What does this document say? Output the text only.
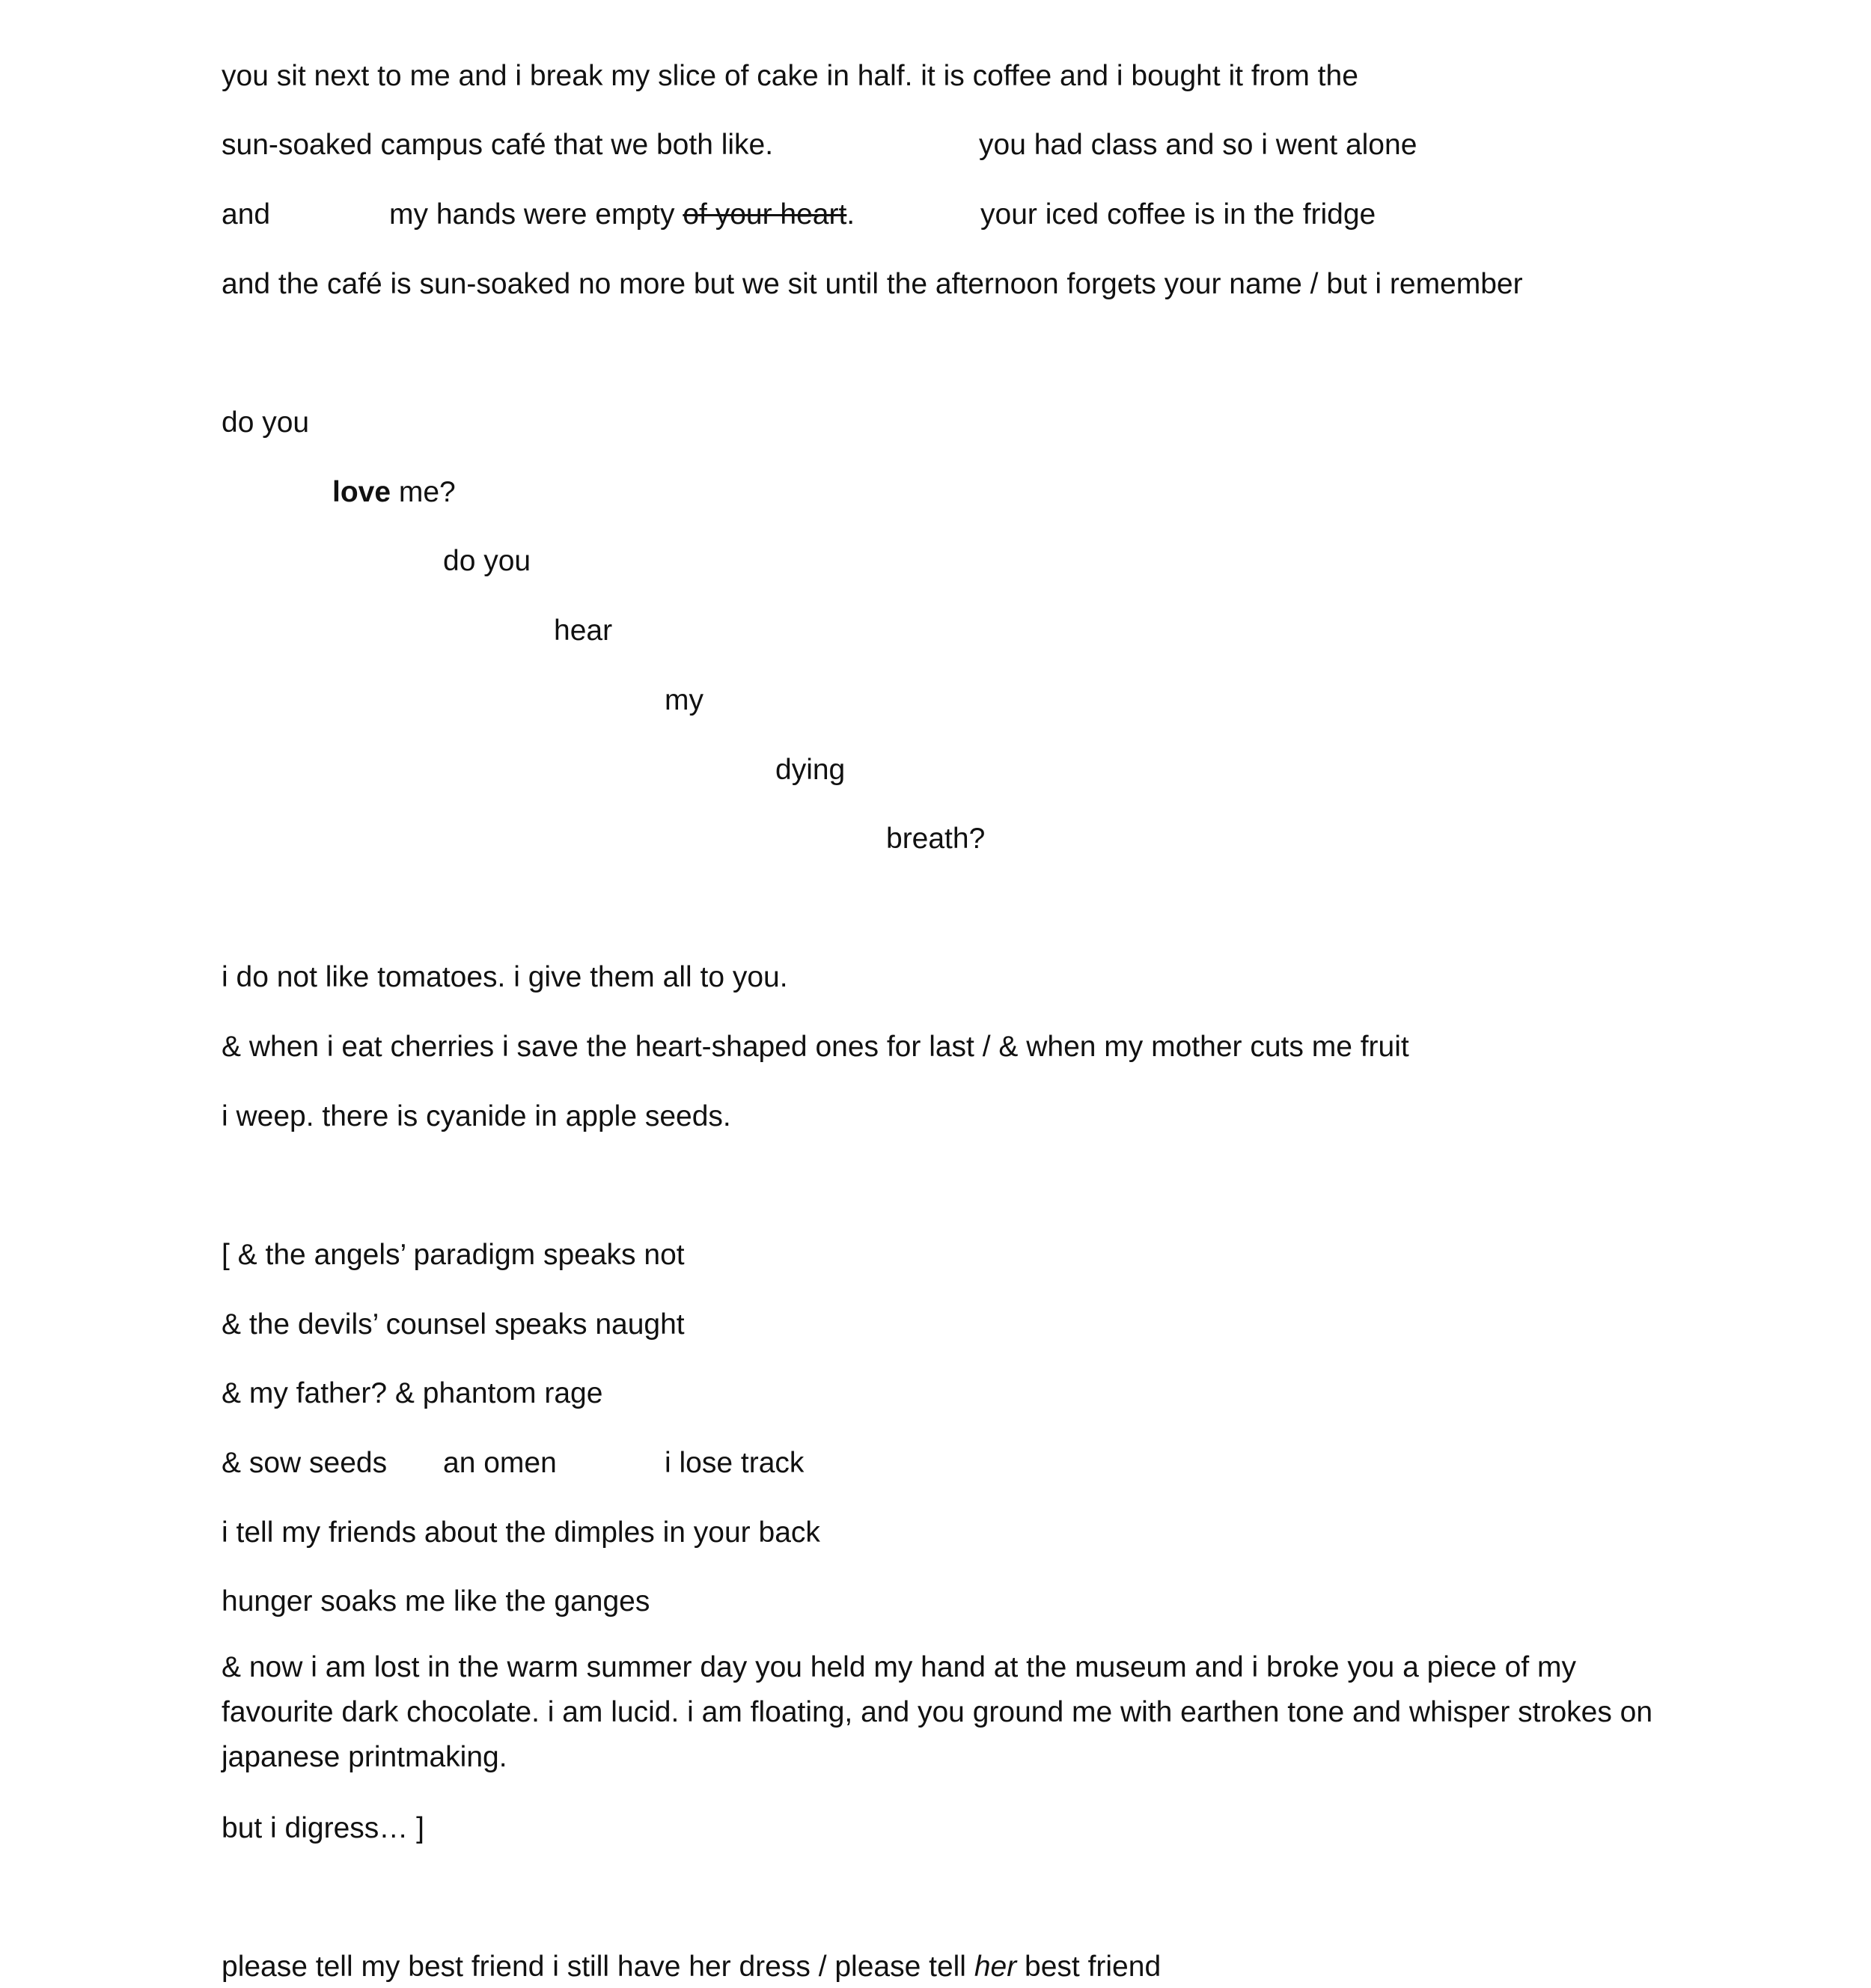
you sit next to me and i break my slice of cake in half. it is coffee and i bought it from the
sun-soaked campus café that we both like.	you had class and so i went alone
and	my hands were empty of your heart.	your iced coffee is in the fridge
and the café is sun-soaked no more but we sit until the afternoon forgets your name / but i remember
do you
love me?
do you
hear
my
dying
breath?
i do not like tomatoes. i give them all to you.
& when i eat cherries i save the heart-shaped ones for last / & when my mother cuts me fruit
i weep. there is cyanide in apple seeds.
[ & the angels’ paradigm speaks not
& the devils’ counsel speaks naught
& my father? & phantom rage
& sow seeds an omen	i lose track
i tell my friends about the dimples in your back
hunger soaks me like the ganges
& now i am lost in the warm summer day you held my hand at the museum and i broke you a piece of my favourite dark chocolate. i am lucid. i am floating, and you ground me with earthen tone and whisper strokes on japanese printmaking.
but i digress… ]
please tell my best friend i still have her dress / please tell her best friend
